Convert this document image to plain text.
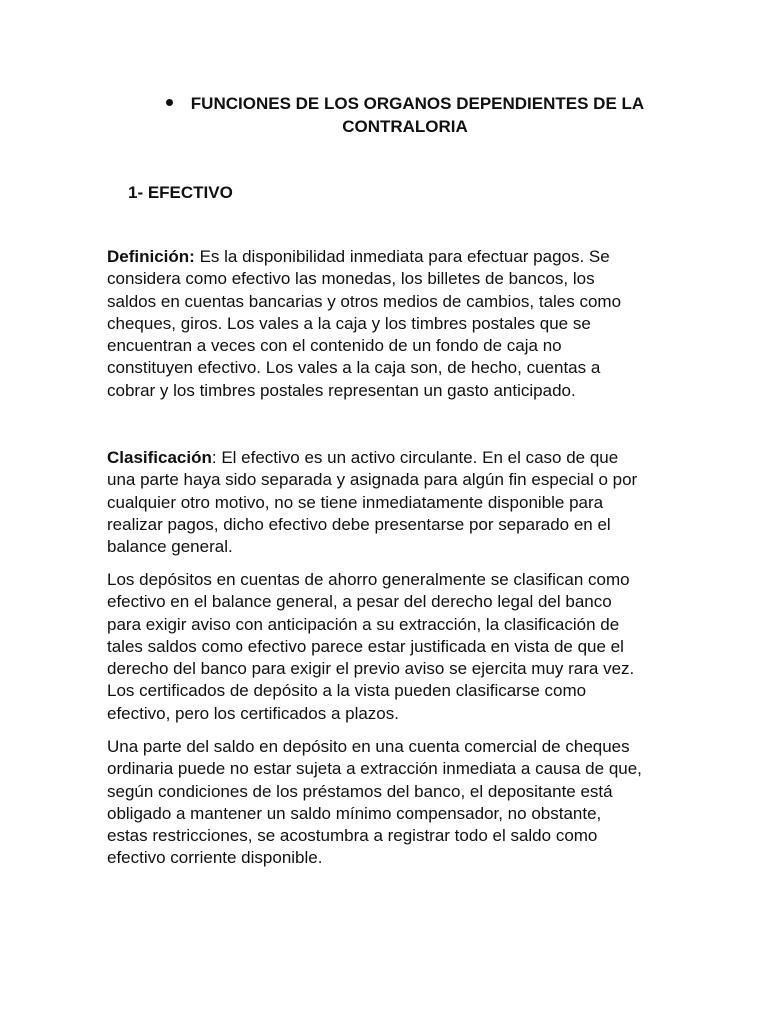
FUNCIONES DE LOS ORGANOS DEPENDIENTES DE LA
CONTRALORIA
1- EFECTIVO

Definición: Es la disponibilidad inmediata para efectuar pagos. Se
considera como efectivo las monedas, los billetes de bancos, los
saldos en cuentas bancarias y otros medios de cambios, tales como
cheques, giros. Los vales a la caja y los timbres postales que se
encuentran a veces con el contenido de un fondo de caja no
constituyen efectivo. Los vales a la caja son, de hecho, cuentas a
cobrar y los timbres postales representan un gasto anticipado.

Clasificación: El efectivo es un activo circulante. En el caso de que
una parte haya sido separada y asignada para algún fin especial o por
cualquier otro motivo, no se tiene inmediatamente disponible para
realizar pagos, dicho efectivo debe presentarse por separado en el
balance general.

Los depósitos en cuentas de ahorro generalmente se clasifican como
efectivo en el balance general, a pesar del derecho legal del banco
para exigir aviso con anticipación a su extracción, la clasificación de
tales saldos como efectivo parece estar justificada en vista de que el
derecho del banco para exigir el previo aviso se ejercita muy rara vez.
Los certificados de depósito a la vista pueden clasificarse como
efectivo, pero los certificados a plazos.

Una parte del saldo en depósito en una cuenta comercial de cheques
ordinaria puede no estar sujeta a extracción inmediata a causa de que,
según condiciones de los préstamos del banco, el depositante está
obligado a mantener un saldo mínimo compensador, no obstante,
estas restricciones, se acostumbra a registrar todo el saldo como
efectivo corriente disponible.
